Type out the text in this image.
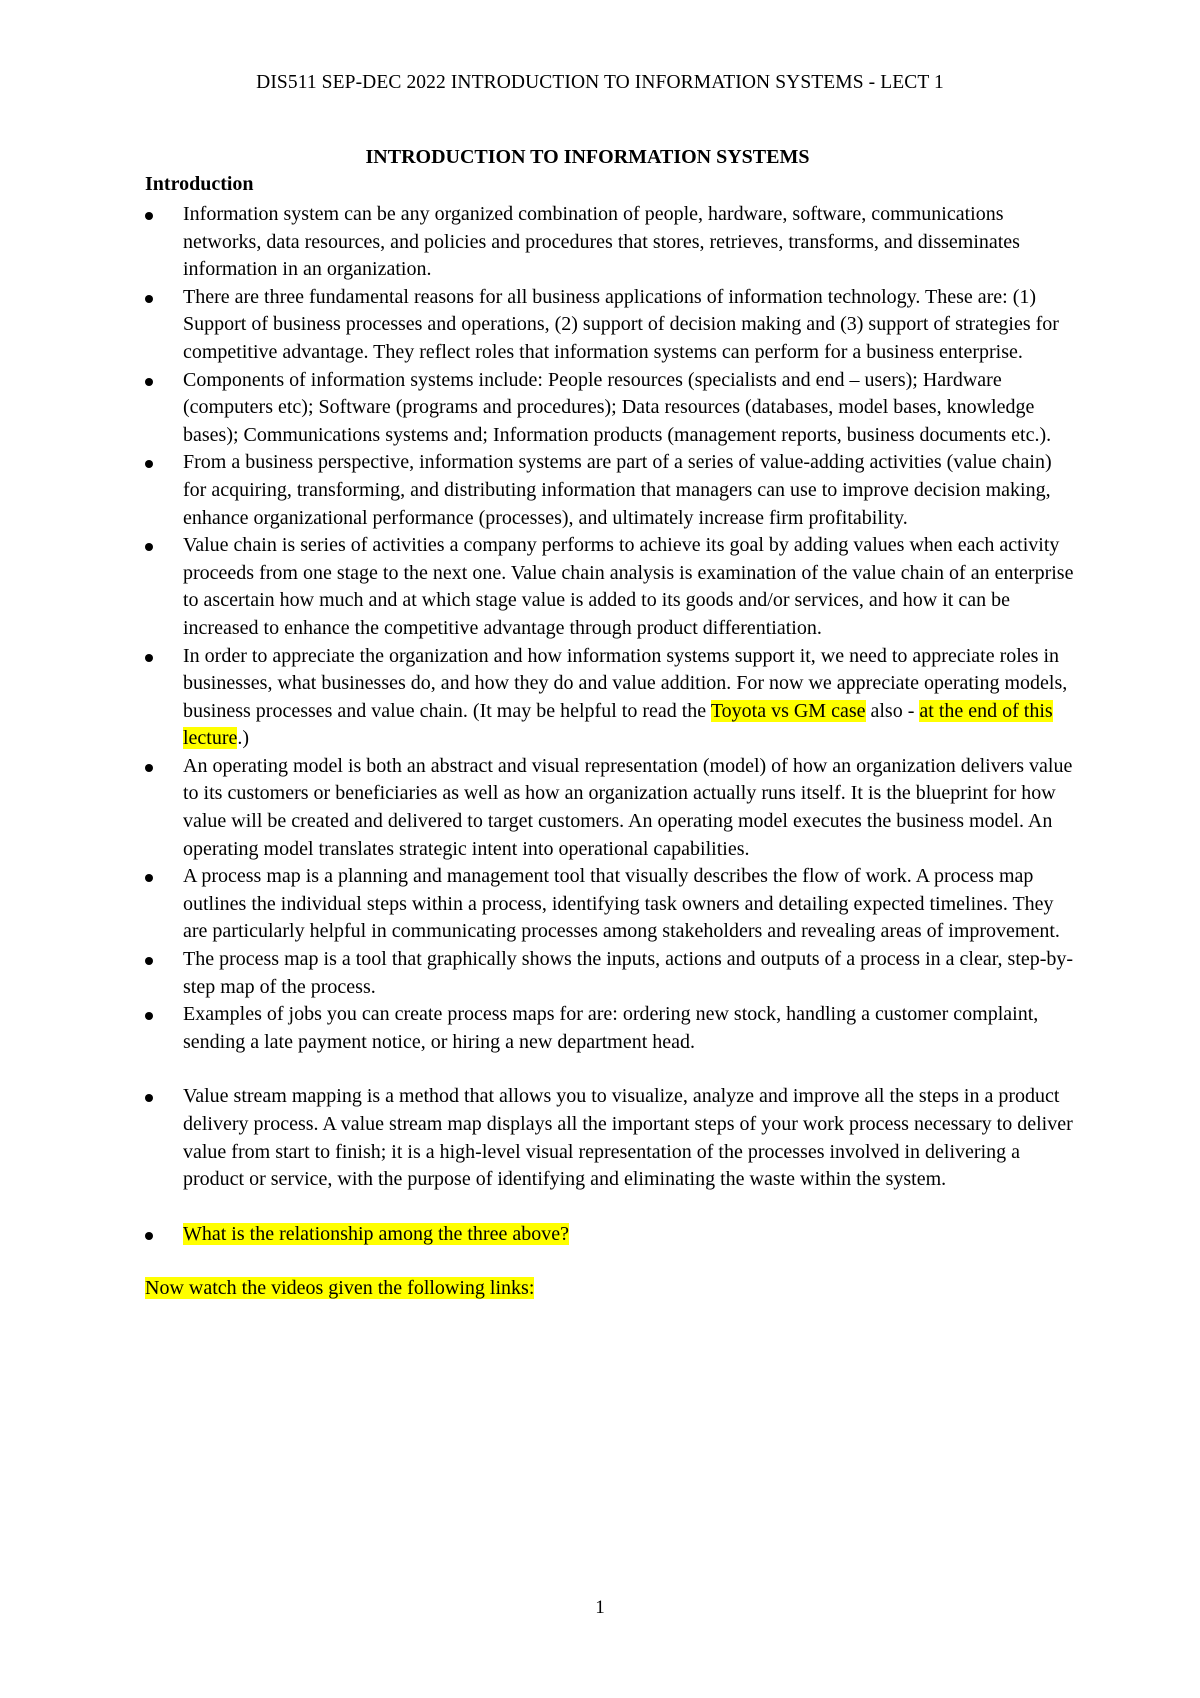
DIS511 SEP-DEC 2022 INTRODUCTION TO INFORMATION SYSTEMS - LECT 1
INTRODUCTION TO INFORMATION SYSTEMS
Introduction
Information system can be any organized combination of people, hardware, software, communications networks, data resources, and policies and procedures that stores, retrieves, transforms, and disseminates information in an organization.
There are three fundamental reasons for all business applications of information technology. These are: (1) Support of business processes and operations, (2) support of decision making and (3) support of strategies for competitive advantage. They reflect roles that information systems can perform for a business enterprise.
Components of information systems include: People resources (specialists and end – users); Hardware (computers etc); Software (programs and procedures); Data resources (databases, model bases, knowledge bases); Communications systems and; Information products (management reports, business documents etc.).
From a business perspective, information systems are part of a series of value-adding activities (value chain) for acquiring, transforming, and distributing information that managers can use to improve decision making, enhance organizational performance (processes), and ultimately increase firm profitability.
Value chain is series of activities a company performs to achieve its goal by adding values when each activity proceeds from one stage to the next one. Value chain analysis is examination of the value chain of an enterprise to ascertain how much and at which stage value is added to its goods and/or services, and how it can be increased to enhance the competitive advantage through product differentiation.
In order to appreciate the organization and how information systems support it, we need to appreciate roles in businesses, what businesses do, and how they do and value addition. For now we appreciate operating models, business processes and value chain. (It may be helpful to read the Toyota vs GM case also - at the end of this lecture.)
An operating model is both an abstract and visual representation (model) of how an organization delivers value to its customers or beneficiaries as well as how an organization actually runs itself. It is the blueprint for how value will be created and delivered to target customers. An operating model executes the business model. An operating model translates strategic intent into operational capabilities.
A process map is a planning and management tool that visually describes the flow of work. A process map outlines the individual steps within a process, identifying task owners and detailing expected timelines. They are particularly helpful in communicating processes among stakeholders and revealing areas of improvement.
The process map is a tool that graphically shows the inputs, actions and outputs of a process in a clear, step-by-step map of the process.
Examples of jobs you can create process maps for are: ordering new stock, handling a customer complaint, sending a late payment notice, or hiring a new department head.
Value stream mapping is a method that allows you to visualize, analyze and improve all the steps in a product delivery process. A value stream map displays all the important steps of your work process necessary to deliver value from start to finish; it is a high-level visual representation of the processes involved in delivering a product or service, with the purpose of identifying and eliminating the waste within the system.
What is the relationship among the three above?

Now watch the videos given the following links:

1
